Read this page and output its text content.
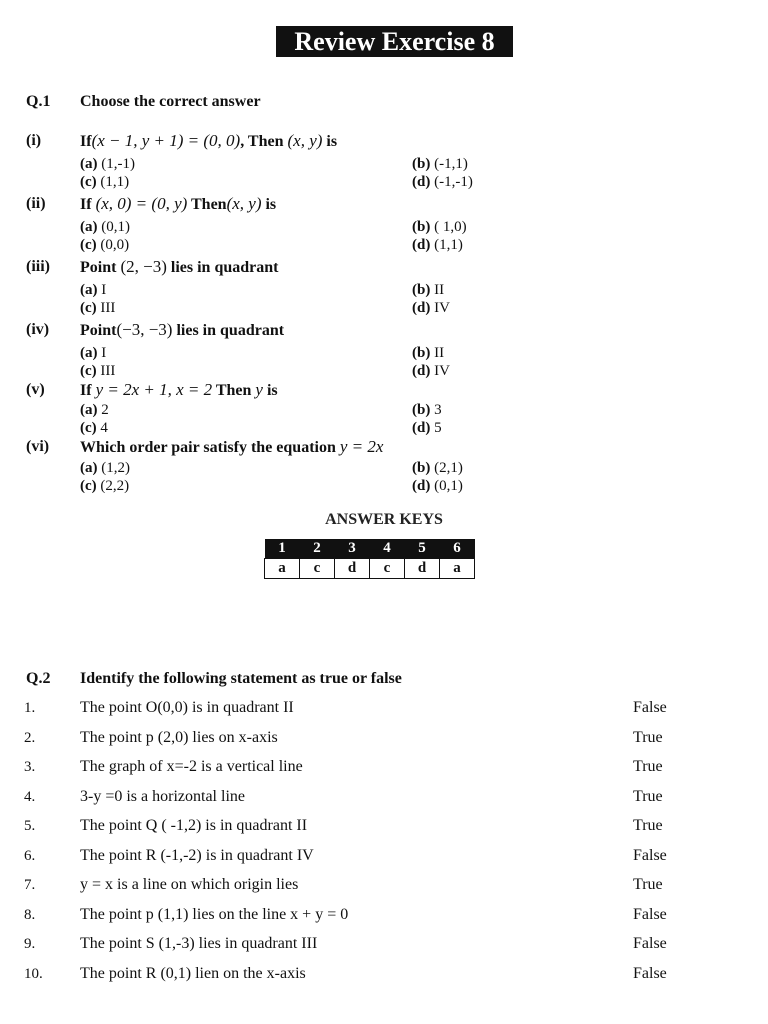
Review Exercise 8
Q.1 Choose the correct answer
(i) If(x − 1, y + 1) = (0, 0), Then (x, y) is
(a) (1,-1)	(b) (-1,1)
(c) (1,1)	(d) (-1,-1)
(ii) If (x, 0) = (0, y) Then(x, y) is
(a) (0,1)	(b) ( 1,0)
(c) (0,0)	(d) (1,1)
(iii) Point (2, −3) lies in quadrant
(a) I	(b) II
(c) III	(d) IV
(iv) Point(−3, −3) lies in quadrant
(a) I	(b) II
(c) III	(d) IV
(v) If y = 2x + 1, x = 2 Then y is
(a) 2	(b) 3
(c) 4	(d) 5
(vi) Which order pair satisfy the equation y = 2x
(a) (1,2)	(b) (2,1)
(c) (2,2)	(d) (0,1)
ANSWER KEYS
1	2	3	4	5	6
a	c	d	c	d	a
Q.2 Identify the following statement as true or false
1.	The point O(0,0) is in quadrant II	False
2.	The point p (2,0) lies on x-axis	True
3.	The graph of x=-2 is a vertical line	True
4.	3-y =0 is a horizontal line	True
5.	The point Q ( -1,2) is in quadrant II	True
6.	The point R (-1,-2) is in quadrant IV	False
7.	y = x is a line on which origin lies	True
8.	The point p (1,1) lies on the line x + y = 0	False
9.	The point S (1,-3) lies in quadrant III	False
10. The point R (0,1) lien on the x-axis	False
